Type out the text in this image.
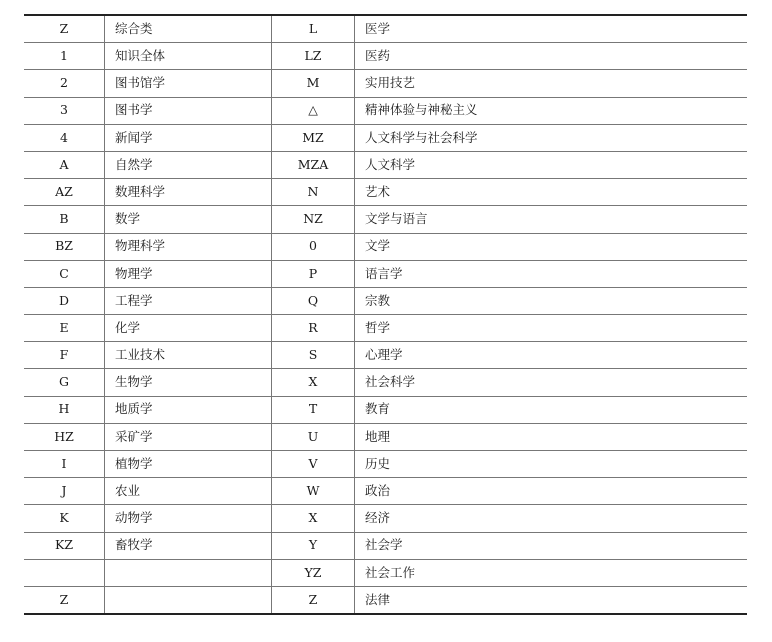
Z	综合类	L	医学
1	知识全体	LZ	医药
2	图书馆学	M	实用技艺
3	图书学	△	精神体验与神秘主义
4	新闻学	MZ	人文科学与社会科学
A	自然学	MZA	人文科学
AZ	数理科学	N	艺术
B	数学	NZ	文学与语言
BZ	物理科学	0	文学
C	物理学	P	语言学
D	工程学	Q	宗教
E	化学	R	哲学
F	工业技术	S	心理学
G	生物学	X	社会科学
H	地质学	T	教育
HZ	采矿学	U	地理
I	植物学	V	历史
J	农业	W	政治
K	动物学	X	经济
KZ	畜牧学	Y	社会学
		YZ	社会工作
Z		Z	法律
